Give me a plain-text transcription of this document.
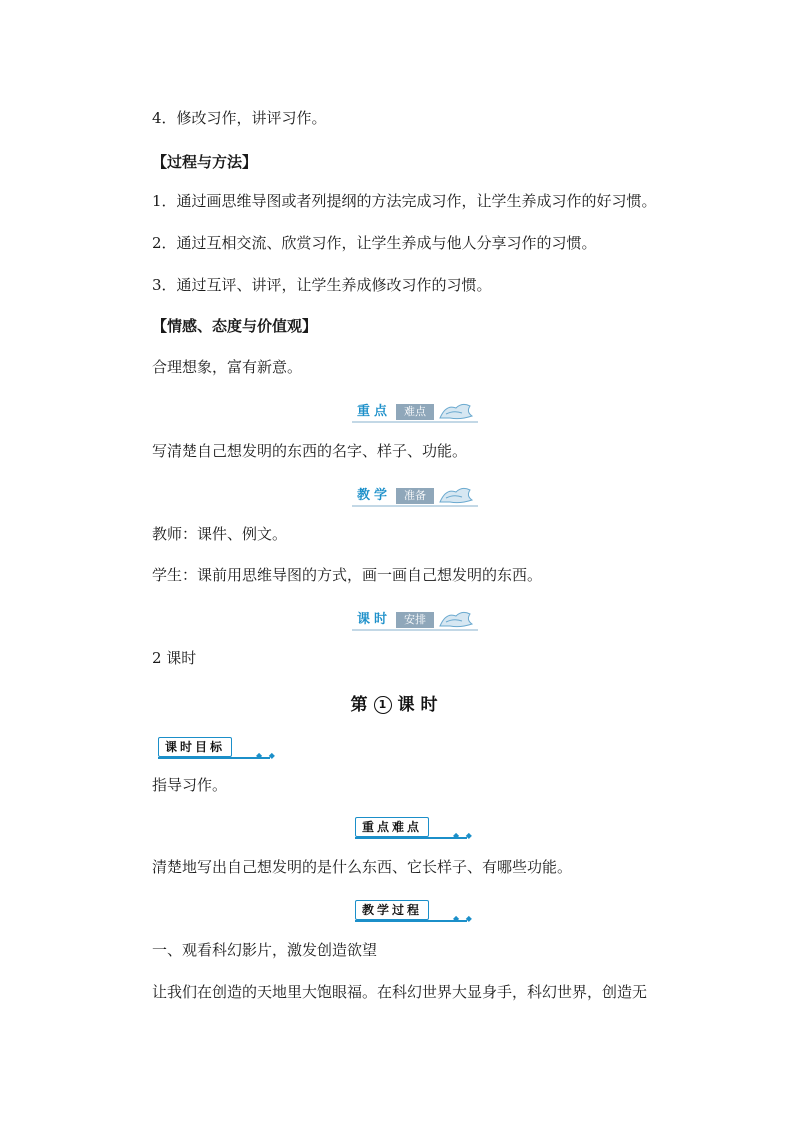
4．修改习作，讲评习作。
【过程与方法】
1．通过画思维导图或者列提纲的方法完成习作，让学生养成习作的好习惯。
2．通过互相交流、欣赏习作，让学生养成与他人分享习作的习惯。
3．通过互评、讲评，让学生养成修改习作的习惯。
【情感、态度与价值观】
合理想象，富有新意。
重点	难点
写清楚自己想发明的东西的名字、样子、功能。
教学	准备
教师：课件、例文。
学生：课前用思维导图的方式，画一画自己想发明的东西。
课时	安排
2 课时
第 1 课时
课时目标
◆ ◆
指导习作。
重点难点
◆ ◆
清楚地写出自己想发明的是什么东西、它长样子、有哪些功能。
教学过程
◆ ◆
一、观看科幻影片，激发创造欲望
让我们在创造的天地里大饱眼福。在科幻世界大显身手，科幻世界，创造无
